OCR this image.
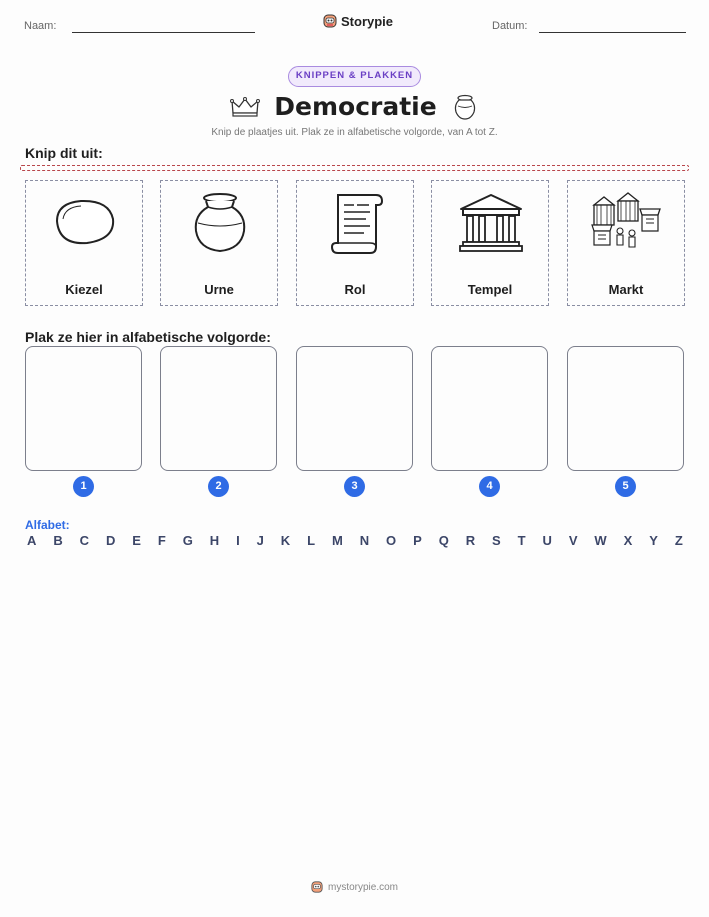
Naam:	Storypie	Datum:
KNIPPEN & PLAKKEN
Democratie
Knip de plaatjes uit. Plak ze in alfabetische volgorde, van A tot Z.
Knip dit uit:
Kiezel	Urne	Rol	Tempel	Markt
Plak ze hier in alfabetische volgorde:
1	2	3	4	5
Alfabet:
A B C D E F G H I J K L M N O P Q R S T U V W X Y Z
mystorypie.com
